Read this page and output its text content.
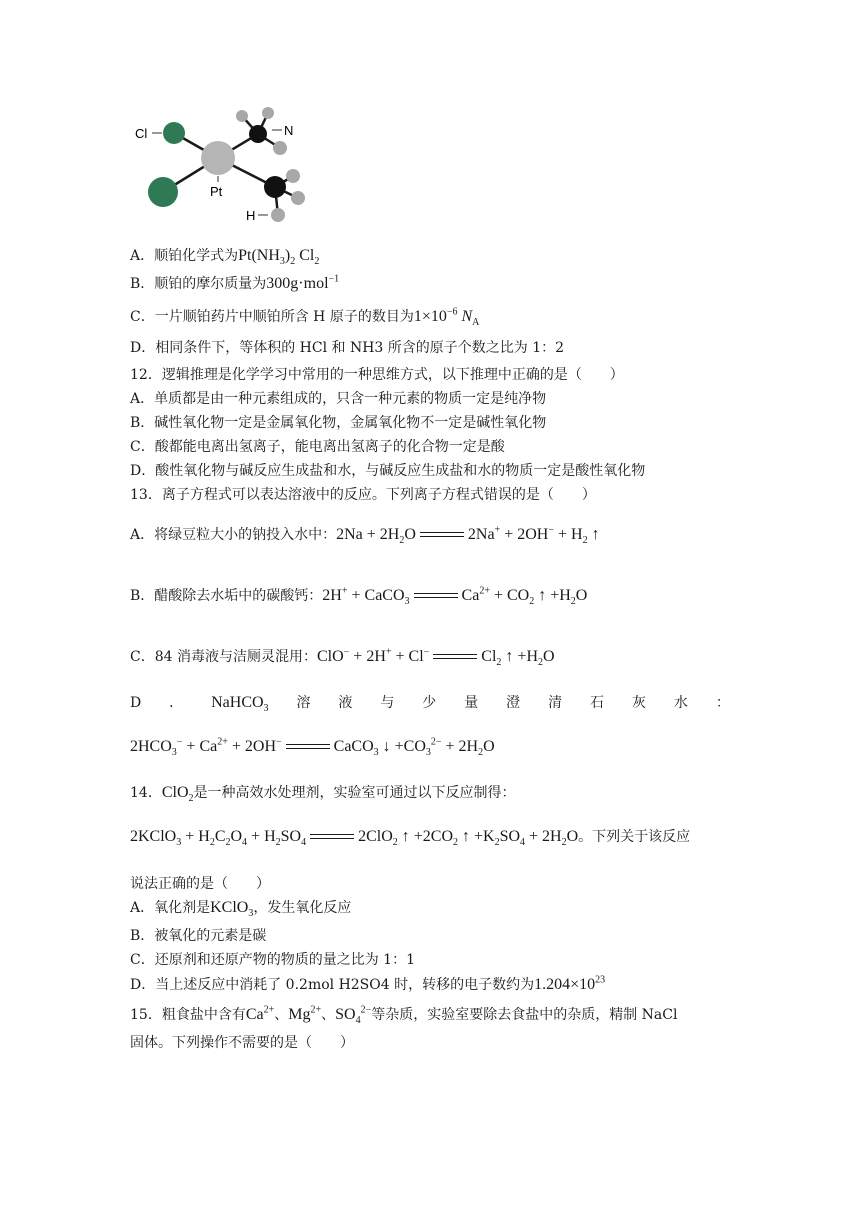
Cl	N
Pt
H
A．顺铂化学式为$Pt(NH_3)_2$ $Cl_2$
B．顺铂的摩尔质量为300g·mol$^{-1}$
C．一片顺铂药片中顺铂所含 H 原子的数目为$1\times 10^{-6}$ $N_A$
D．相同条件下，等体积的 HCl 和 NH3 所含的原子个数之比为 1：2
12．逻辑推理是化学学习中常用的一种思维方式，以下推理中正确的是（　　）
A．单质都是由一种元素组成的，只含一种元素的物质一定是纯净物
B．碱性氧化物一定是金属氧化物，金属氧化物不一定是碱性氧化物
C．酸都能电离出氢离子，能电离出氢离子的化合物一定是酸
D．酸性氧化物与碱反应生成盐和水，与碱反应生成盐和水的物质一定是酸性氧化物
13．离子方程式可以表达溶液中的反应。下列离子方程式错误的是（　　）
A．将绿豆粒大小的钠投入水中：$2Na + 2H_2O$	$2Na^+ + 2OH^- + H_2$ ↑
B．醋酸除去水垢中的碳酸钙：2H+ + CaCO$_3$	$Ca^{2+} + CO_2$ ↑ $+H_2O$
C．84 消毒液与洁厕灵混用：ClO− + 2H+ + Cl−	$Cl_2$ ↑ $+H_2O$
D ． NaHCO$_3$ 溶 液 与 少 量 澄 清 石 灰 水 ：
$2HCO_3^- + Ca^{2+} + 2OH^-$	CaCO$_3$ ↓ $+CO_3^{2-} + 2H_2O$
14．ClO$_2$是一种高效水处理剂，实验室可通过以下反应制得：
2KClO$_3$ + $H_2C_2O_4 + H_2SO_4$	2ClO$_2$ ↑ $+2CO_2$ ↑ $+K_2SO_4 + 2H_2O$。下列关于该反应
说法正确的是（　　）
A．氧化剂是KClO$_3$，发生氧化反应
B．被氧化的元素是碳
C．还原剂和还原产物的物质的量之比为 1：1
D．当上述反应中消耗了 0.2mol H2SO4 时，转移的电子数约为$1.204\times 10^{23}$
15．粗食盐中含有$Ca^{2+}$、$Mg^{2+}$、$SO_4^{2-}$等杂质，实验室要除去食盐中的杂质，精制 NaCl
固体。下列操作不需要的是（　　）
